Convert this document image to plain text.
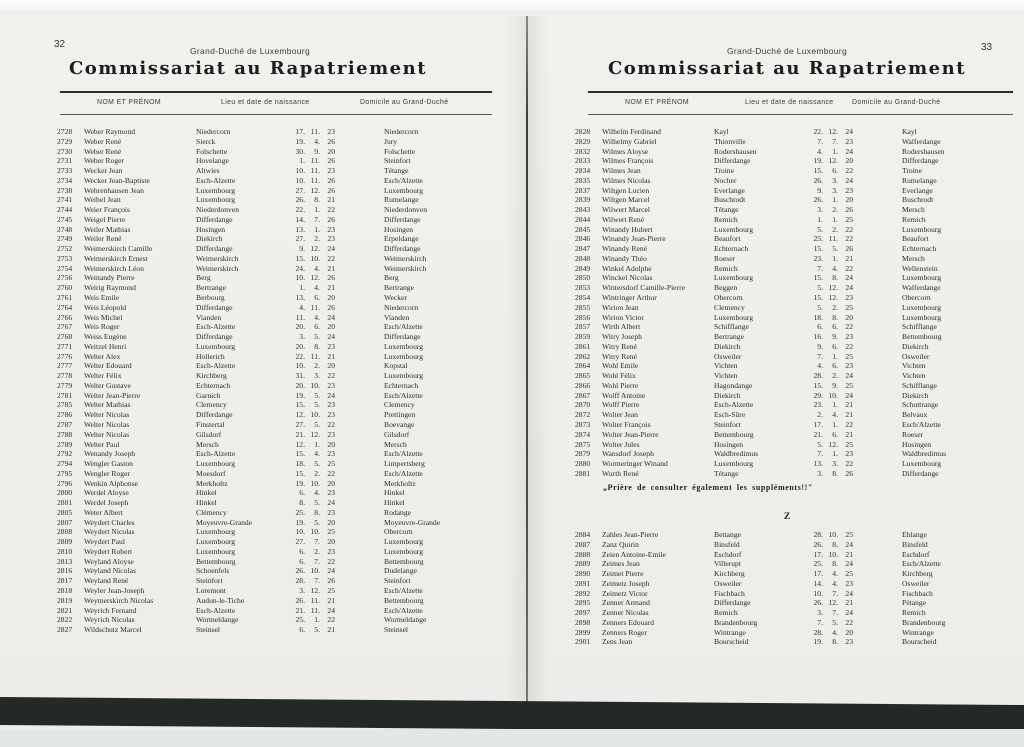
32
Grand-Duché de Luxembourg
Commissariat au Rapatriement
NOM ET PRÉNOM	Lieu et date de naissance	Domicile au Grand-Duché
2728	Weber Raymond	Niedercorn	17. 11. 23	Niedercorn
2729	Weber René	Sierck	19.	4. 26	Jury
2730	Weber René	Folschette	30.	9. 20	Folschette
2731	Weber Roger	Hovelange	1. 11. 26	Steinfort
2733	Wecker Jean	Altwies	10. 11. 23	Tétange
2734	Wecker Jean-Baptiste	Esch-Alzette	10. 11. 26	Esch/Alzette
2738	Wehrenhausen Jean	Luxembourg	27. 12. 26	Luxembourg
2741	Weibel Jean	Luxembourg	26.	8. 21	Rumelange
2744	Weier François	Niederdonven	22.	1. 22	Niederdonven
2745	Weigel Pierre	Differdange	14.	7. 26	Differdange
2748	Weiler Mathias	Hosingen	13.	1. 23	Hosingen
2749	Weiler René	Diekirch	27.	2. 23	Erpeldange
2752	Weimerskirch Camille	Differdange	9. 12. 24	Differdange
2753	Weimerskirch Ernest	Weimerskirch	15. 10. 22	Weimerskirch
2754	Weimerskirch Léon	Weimerskirch	24.	4. 21	Weimerskirch
2756	Weinandy Pierre	Berg	10. 12. 26	Berg
2760	Weirig Raymond	Bertrange	1.	4. 21	Bertrange
2761	Weis Emile	Berbourg	13.	6. 20	Wecker
2764	Weis Léopold	Differdange	4. 11. 26	Niedercorn
2766	Weis Michel	Vianden	11.	4. 24	Vianden
2767	Weis Roger	Esch-Alzette	20.	6. 20	Esch/Alzette
2768	Weiss Eugène	Differdange	3.	5. 24	Differdange
2771	Weitzel Henri	Luxembourg	20.	8. 23	Luxembourg
2776	Welter Alex	Hollerich	22. 11. 21	Luxembourg
2777	Welter Edouard	Esch-Alzette	10.	2. 20	Kopstal
2778	Welter Félix	Kirchberg	31.	3. 22	Luxembourg
2779	Welter Gustave	Echternach	20. 10. 23	Echternach
2781	Welter Jean-Pierre	Garnich	19.	5. 24	Esch/Alzette
2785	Welter Mathias	Clemency	15.	5. 23	Clemency
2786	Welter Nicolas	Differdange	12. 10. 23	Prettingen
2787	Welter Nicolas	Finstertal	27.	5. 22	Boevange
2788	Welter Nicolas	Gilsdorf	21. 12. 23	Gilsdorf
2789	Welter Paul	Mersch	12.	1. 20	Mersch
2792	Wenandy Joseph	Esch-Alzette	15.	4. 23	Esch/Alzette
2794	Wengler Gaston	Luxembourg	18.	5. 25	Limpertsberg
2795	Wengler Roger	Moesdorf	15.	2. 22	Esch/Alzette
2796	Wenkin Alphonse	Merkholtz	19. 10. 20	Merkholtz
2800	Werdel Aloyse	Hinkel	6.	4. 23	Hinkel
2801	Werdel Joseph	Hinkel	8.	5. 24	Hinkel
2805	Weter Albert	Clémency	25.	8. 23	Rodange
2807	Weydert Charles	Moyeuvre-Grande	19.	5. 20	Moyeuvre-Grande
2808	Weydert Nicolas	Luxembourg	10. 10. 25	Obercorn
2809	Weydert Paul	Luxembourg	27.	7. 20	Luxembourg
2810	Weydert Robert	Luxembourg	6.	2. 23	Luxembourg
2813	Weyland Aloyse	Bettembourg	6.	7. 22	Bettembourg
2816	Weyland Nicolas	Schoenfels	26. 10. 24	Dudelange
2817	Weyland René	Steinfort	28.	7. 26	Steinfort
2818	Weyler Jean-Joseph	Loremont	3. 12. 25	Esch/Alzette
2819	Weymerskirch Nicolas	Audun-le-Tiche	26. 11. 21	Bettembourg
2821	Weyrich Fernand	Esch-Alzette	21. 11. 24	Esch/Alzette
2822	Weyrich Nicolas	Wormeldange	25.	1. 22	Wormeldange
2827	Wildschutz Marcel	Steinsel	6.	5. 21	Steinsel
33
Grand-Duché de Luxembourg
Commissariat au Rapatriement
NOM ET PRÉNOM	Lieu et date de naissance	Domicile au Grand-Duché
2828	Wilhelm Ferdinand	Kayl	22. 12. 24	Kayl
2829	Wilhelmy Gabriel	Thionville	7.	7. 23	Walferdange
2832	Wilmes Aloyse	Rodershausen	4.	1. 24	Rodershausen
2833	Wilmes François	Differdange	19. 12. 20	Differdange
2834	Wilmes Jean	Troine	15.	6. 22	Troine
2835	Wilmes Nicolas	Nocher	26.	3. 24	Rumelange
2837	Wiltgen Lucien	Everlange	9.	3. 23	Everlange
2839	Wiltgen Marcel	Buschrodt	26.	1. 20	Buschrodt
2843	Wilwert Marcel	Tétange	3.	2. 26	Mersch
2844	Wilwert René	Remich	1.	1. 25	Remich
2845	Winandy Hubert	Luxembourg	5.	2. 22	Luxembourg
2846	Winandy Jean-Pierre	Beaufort	25. 11. 22	Beaufort
2847	Winandy René	Echternach	15.	5. 26	Echternach
2848	Winandy Théo	Roeser	23.	1. 21	Mersch
2849	Winkel Adolphe	Remich	7.	4. 22	Wellenstein
2850	Winckel Nicolas	Luxembourg	15.	8. 24	Luxembourg
2853	Wintersdorf Camille-Pierre	Beggen	5. 12. 24	Walferdange
2854	Wintringer Arthur	Obercorn	15. 12. 23	Obercorn
2855	Wirion Jean	Clemency	5.	2. 25	Luxembourg
2856	Wirion Victor	Luxembourg	18.	8. 20	Luxembourg
2857	Wirth Albert	Schifflange	6.	6. 22	Schifflange
2859	Witry Joseph	Bertrange	16.	9. 23	Bettembourg
2861	Witry René	Diekirch	9.	6. 22	Diekirch
2862	Witry René	Osweiler	7.	1. 25	Osweiler
2864	Wohl Emile	Vichten	4.	6. 23	Vichten
2865	Wohl Félix	Vichten	28.	2. 24	Vichten
2866	Wohl Pierre	Hagondange	15.	9. 25	Schifflange
2867	Wolff Antoine	Diekirch	29. 10. 24	Diekirch
2870	Wolff Pierre	Esch-Alzette	23.	1. 21	Schuttrange
2872	Wolter Jean	Esch-Sûre	2.	4. 21	Belvaux
2873	Wolter François	Steinfort	17.	1. 22	Esch/Alzette
2874	Wolter Jean-Pierre	Bettembourg	21.	6. 21	Roeser
2875	Wolter Jules	Hosingen	5. 12. 25	Hosingen
2879	Wansdorf Joseph	Waldbredimus	7.	1. 23	Waldbredimus
2880	Wormeringer Winand	Luxembourg	13.	3. 22	Luxembourg
2881	Wurth René	Tétange	3.	8. 26	Differdange
„Prière de consulter également les suppléments!!"
Z
2884	Zahles Jean-Pierre	Bettange	28. 10. 25	Ehlange
2887	Zanz Quirin	Binsfeld	26.	8. 24	Binsfeld
2888	Zeien Antoine-Emile	Eschdorf	17. 10. 21	Eschdorf
2889	Zeimes Jean	Villerupt	25.	8. 24	Esch/Alzette
2890	Zeimet Pierre	Kirchberg	17.	4. 25	Kirchberg
2891	Zeimetz Joseph	Osweiler	14.	4. 23	Osweiler
2892	Zeimetz Victor	Fischbach	10.	7. 24	Fischbach
2895	Zenner Armand	Differdange	26. 12. 21	Pétange
2897	Zenner Nicolas	Remich	3.	7. 24	Remich
2898	Zenners Edouard	Brandenbourg	7.	5. 22	Brandenbourg
2899	Zenners Roger	Wintrange	28.	4. 20	Wintrange
2901	Zens Jean	Bourscheid	19.	8. 23	Bourscheid
